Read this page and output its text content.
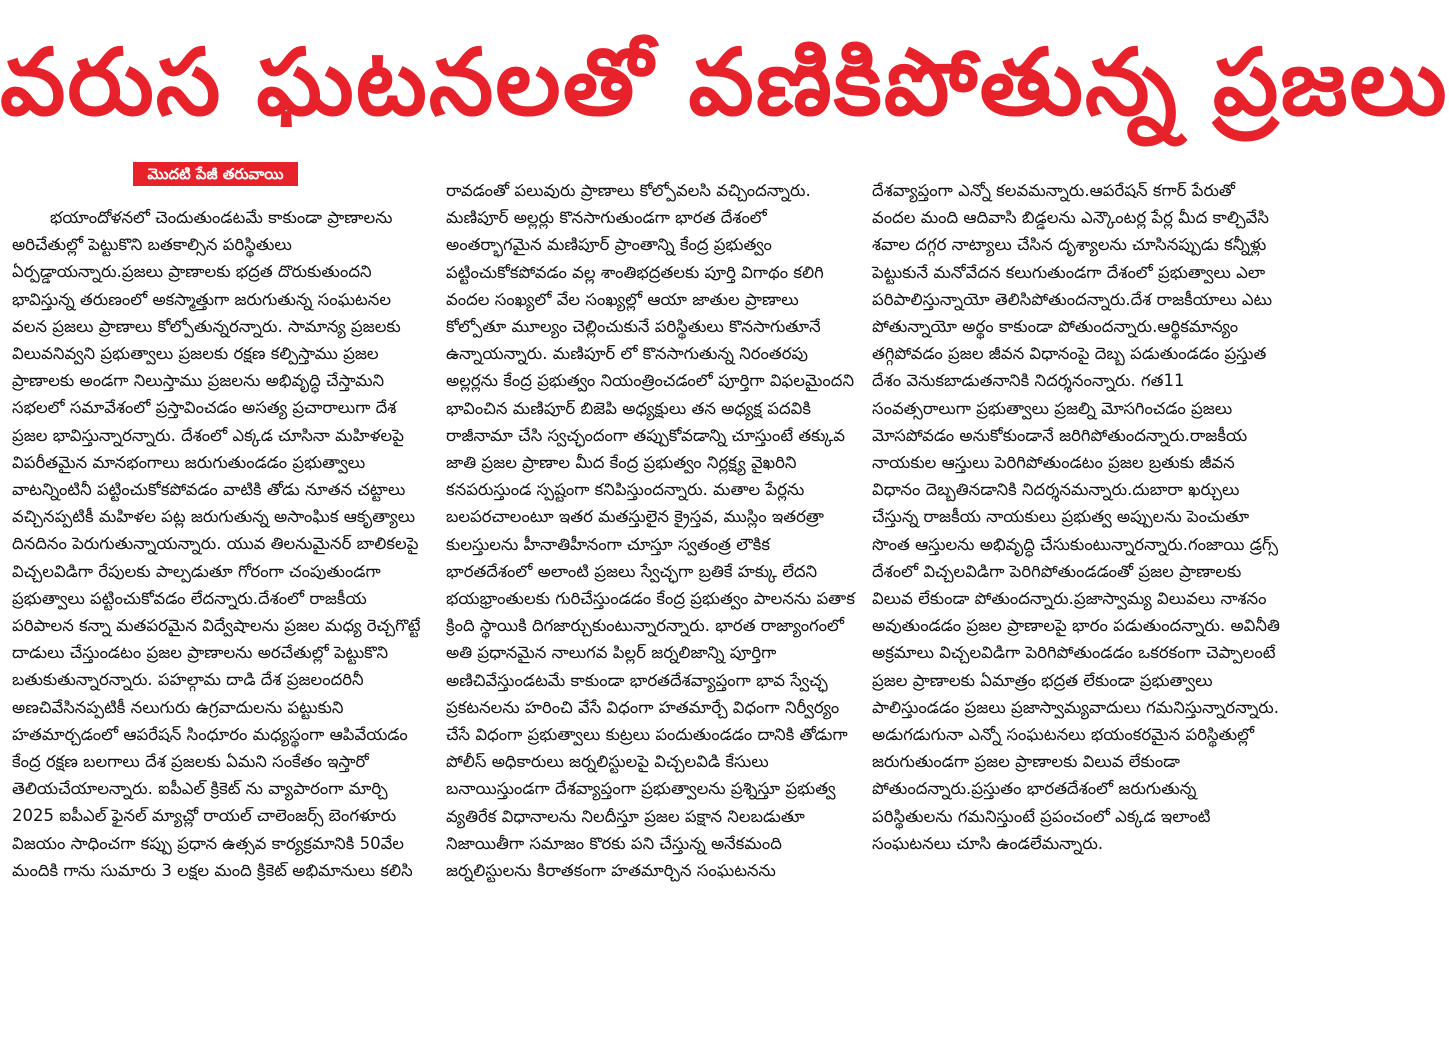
వరుస ఘటనలతో వణికిపోతున్న ప్రజలు
మొదటి పేజీ తరువాయి

భయాందోళనలో చెందుతుండటమే కాకుండా ప్రాణాలను అరిచేతుల్లో పెట్టుకొని బతకాల్సిన పరిస్థితులు ఏర్పడ్డాయన్నారు.ప్రజలు ప్రాణాలకు భద్రత దొరుకుతుందని భావిస్తున్న తరుణంలో అకస్మాత్తుగా జరుగుతున్న సంఘటనల వలన ప్రజలు ప్రాణాలు కోల్పోతున్నరన్నారు. సామాన్య ప్రజలకు విలువనివ్వని ప్రభుత్వాలు ప్రజలకు రక్షణ కల్పిస్తాము ప్రజల ప్రాణాలకు అండగా నిలుస్తాము ప్రజలను అభివృద్ధి చేస్తామని సభలలో సమావేశంలో ప్రస్తావించడం అసత్య ప్రచారాలుగా దేశ ప్రజల భావిస్తున్నారన్నారు. దేశంలో ఎక్కడ చూసినా మహిళలపై విపరీతమైన మానభంగాలు జరుగుతుండడం ప్రభుత్వాలు వాటన్నింటినీ పట్టించుకోకపోవడం వాటికి తోడు నూతన చట్టాలు వచ్చినప్పటికీ మహిళల పట్ల జరుగుతున్న అసాంఘిక ఆకృత్యాలు దినదినం పెరుగుతున్నాయన్నారు. యువ తిలనుమైనర్ బాలికలపై విచ్చలవిడిగా రేపులకు పాల్పడుతూ గోరంగా చంపుతుండగా ప్రభుత్వాలు పట్టించుకోవడం లేదన్నారు.దేశంలో రాజకీయ పరిపాలన కన్నా మతపరమైన విద్వేషాలను ప్రజల మధ్య రెచ్చగొట్టే దాడులు చేస్తుండటం ప్రజల ప్రాణాలను అరచేతుల్లో పెట్టుకొని బతుకుతున్నారన్నారు. పహల్గామ దాడి దేశ ప్రజలందరినీ అణచివేసినప్పటికీ నలుగురు ఉగ్రవాదులను పట్టుకుని హతమార్చడంలో ఆపరేషన్ సింధూరం మధ్యస్థంగా ఆపివేయడం కేంద్ర రక్షణ బలగాలు దేశ ప్రజలకు ఏమని సంకేతం ఇస్తారో తెలియచేయాలన్నారు. ఐపీఎల్ క్రికెట్ ను వ్యాపారంగా మార్చి 2025 ఐపీఎల్ ఫైనల్ మ్యాచ్లో రాయల్ చాలెంజర్స్ బెంగళూరు విజయం సాధించగా కప్పు ప్రధాన ఉత్సవ కార్యక్రమానికి 50వేల మందికి గాను సుమారు 3 లక్షల మంది క్రికెట్ అభిమానులు కలిసి

రావడంతో పలువురు ప్రాణాలు కోల్పోవలసి వచ్చిందన్నారు. మణిపూర్ అల్లర్లు కొనసాగుతుండగా భారత దేశంలో అంతర్భాగమైన మణిపూర్ ప్రాంతాన్ని కేంద్ర ప్రభుత్వం పట్టించుకోకపోవడం వల్ల శాంతిభద్రతలకు పూర్తి విగాథం కలిగి వందల సంఖ్యలో వేల సంఖ్యల్లో ఆయా జాతుల ప్రాణాలు కోల్పోతూ మూల్యం చెల్లించుకునే పరిస్థితులు కొనసాగుతూనే ఉన్నాయన్నారు. మణిపూర్ లో కొనసాగుతున్న నిరంతరపు అల్లర్లను కేంద్ర ప్రభుత్వం నియంత్రించడంలో పూర్తిగా విఫలమైందని భావించిన మణిపూర్ బిజెపి అధ్యక్షులు తన అధ్యక్ష పదవికి రాజీనామా చేసి స్వచ్ఛందంగా తప్పుకోవడాన్ని చూస్తుంటే తక్కువ జాతి ప్రజల ప్రాణాల మీద కేంద్ర ప్రభుత్వం నిర్లక్ష్య వైఖరిని కనపరుస్తుండ స్పష్టంగా కనిపిస్తుందన్నారు. మతాల పేర్లను బలపరచాలంటూ ఇతర మతస్తులైన క్రైస్తవ, ముస్లిం ఇతరత్రా కులస్తులను హీనాతిహీనంగా చూస్తూ స్వతంత్ర లౌకిక భారతదేశంలో అలాంటి ప్రజలు స్వేచ్ఛగా బ్రతికే హక్కు లేదని భయభ్రాంతులకు గురిచేస్తుండడం కేంద్ర ప్రభుత్వం పాలనను పతాక క్రింది స్థాయికి దిగజార్చుకుంటున్నారన్నారు. భారత రాజ్యాంగంలో అతి ప్రధానమైన నాలుగవ పిల్లర్ జర్నలిజాన్ని పూర్తిగా అణిచివేస్తుండటమే కాకుండా భారతదేశవ్యాప్తంగా భావ స్వేచ్ఛ ప్రకటనలను హరించి వేసే విధంగా హతమార్చే విధంగా నిర్వీర్యం చేసే విధంగా ప్రభుత్వాలు కుట్రలు పందుతుండడం దానికి తోడుగా పోలీస్ అధికారులు జర్నలిస్టులపై విచ్చలవిడి కేసులు బనాయిస్తుండగా దేశవ్యాప్తంగా ప్రభుత్వాలను ప్రశ్నిస్తూ ప్రభుత్వ వ్యతిరేక విధానాలను నిలదీస్తూ ప్రజల పక్షాన నిలబడుతూ నిజాయితీగా సమాజం కొరకు పని చేస్తున్న అనేకమంది జర్నలిస్టులను కిరాతకంగా హతమార్చిన సంఘటనను

దేశవ్యాప్తంగా ఎన్నో కలవమన్నారు.ఆపరేషన్ కగార్ పేరుతో వందల మంది ఆదివాసి బిడ్డలను ఎన్కౌంటర్ల పేర్ల మీద కాల్చివేసి శవాల దగ్గర నాట్యాలు చేసిన దృశ్యాలను చూసినప్పుడు కన్నీళ్లు పెట్టుకునే మనోవేదన కలుగుతుండగా దేశంలో ప్రభుత్వాలు ఎలా పరిపాలిస్తున్నాయో తెలిసిపోతుందన్నారు.దేశ రాజకీయాలు ఎటు పోతున్నాయో అర్థం కాకుండా పోతుందన్నారు.ఆర్థికమాన్యం తగ్గిపోవడం ప్రజల జీవన విధానంపై దెబ్బ పడుతుండడం ప్రస్తుత దేశం వెనుకబాడుతనానికి నిదర్శనంన్నారు. గత11 సంవత్సరాలుగా ప్రభుత్వాలు ప్రజల్ని మోసగించడం ప్రజలు మోసపోవడం అనుకోకుండానే జరిగిపోతుందన్నారు.రాజకీయ నాయకుల ఆస్తులు పెరిగిపోతుండటం ప్రజల బ్రతుకు జీవన విధానం దెబ్బతినడానికి నిదర్శనమన్నారు.దుబారా ఖర్చులు చేస్తున్న రాజకీయ నాయకులు ప్రభుత్వ అప్పులను పెంచుతూ సొంత ఆస్తులను అభివృద్ధి చేసుకుంటున్నారన్నారు.గంజాయి డ్రగ్స్ దేశంలో విచ్చలవిడిగా పెరిగిపోతుండడంతో ప్రజల ప్రాణాలకు విలువ లేకుండా పోతుందన్నారు.ప్రజాస్వామ్య విలువలు నాశనం అవుతుండడం ప్రజల ప్రాణాలపై భారం పడుతుందన్నారు. అవినీతి అక్రమాలు విచ్చలవిడిగా పెరిగిపోతుండడం ఒకరకంగా చెప్పాలంటే ప్రజల ప్రాణాలకు ఏమాత్రం భద్రత లేకుండా ప్రభుత్వాలు పాలిస్తుండడం ప్రజలు ప్రజాస్వామ్యవాదులు గమనిస్తున్నారన్నారు. అడుగడుగునా ఎన్నో సంఘటనలు భయంకరమైన పరిస్థితుల్లో జరుగుతుండగా ప్రజల ప్రాణాలకు విలువ లేకుండా పోతుందన్నారు.ప్రస్తుతం భారతదేశంలో జరుగుతున్న పరిస్థితులను గమనిస్తుంటే ప్రపంచంలో ఎక్కడ ఇలాంటి సంఘటనలు చూసి ఉండలేమన్నారు.
